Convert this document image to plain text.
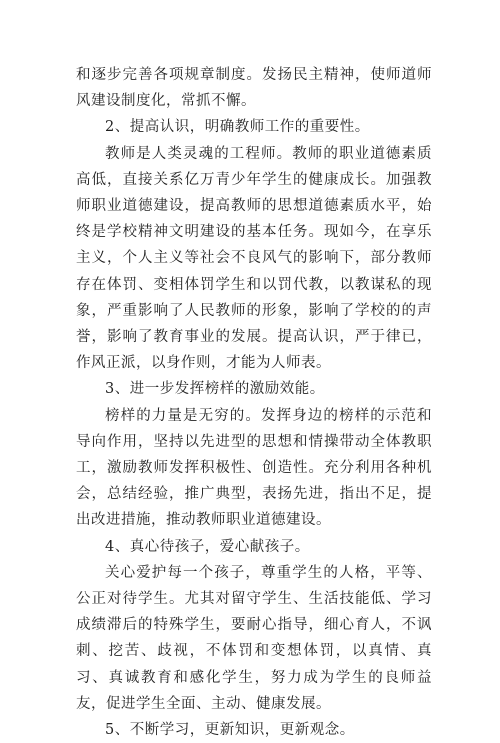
和逐步完善各项规章制度。发扬民主精神，使师道师风建设制度化，常抓不懈。

2、提高认识，明确教师工作的重要性。

教师是人类灵魂的工程师。教师的职业道德素质高低，直接关系亿万青少年学生的健康成长。加强教师职业道德建设，提高教师的思想道德素质水平，始终是学校精神文明建设的基本任务。现如今，在享乐主义，个人主义等社会不良风气的影响下，部分教师存在体罚、变相体罚学生和以罚代教，以教谋私的现象，严重影响了人民教师的形象，影响了学校的的声誉，影响了教育事业的发展。提高认识，严于律已，作风正派，以身作则，才能为人师表。

3、进一步发挥榜样的激励效能。

榜样的力量是无穷的。发挥身边的榜样的示范和导向作用，坚持以先进型的思想和情操带动全体教职工，激励教师发挥积极性、创造性。充分利用各种机会，总结经验，推广典型，表扬先进，指出不足，提出改进措施，推动教师职业道德建设。

4、真心待孩子，爱心献孩子。

关心爱护每一个孩子，尊重学生的人格，平等、公正对待学生。尤其对留守学生、生活技能低、学习成绩滞后的特殊学生，要耐心指导，细心育人，不讽刺、挖苦、歧视，不体罚和变想体罚，以真情、真习、真诚教育和感化学生，努力成为学生的良师益友，促进学生全面、主动、健康发展。

5、不断学习，更新知识，更新观念。
